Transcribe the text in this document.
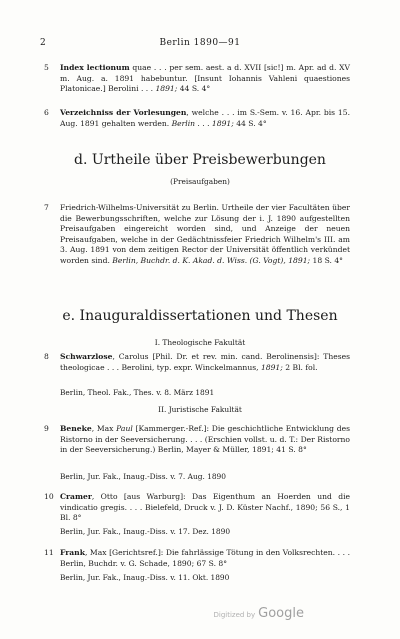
2	Berlin 1890—91
5 Index lectionum quae . . . per sem. aest. a d. XVII [sic!] m. Apr. ad d. XV m. Aug. a. 1891 habebuntur. [Insunt Iohannis Vahleni quaestiones Platonicae.] Berolini . . . 1891; 44 S. 4°

6 Verzeichniss der Vorlesungen, welche . . . im S.-Sem. v. 16. Apr. bis 15. Aug. 1891 gehalten werden. Berlin . . . 1891; 44 S. 4°

d. Urtheile über Preisbewerbungen
(Preisaufgaben)
7 Friedrich-Wilhelms-Universität zu Berlin. Urtheile der vier Facultäten über die Bewerbungsschriften, welche zur Lösung der i. J. 1890 aufgestellten Preisaufgaben eingereicht worden sind, und Anzeige der neuen Preisaufgaben, welche in der Gedächtnissfeier Friedrich Wilhelm's III. am 3. Aug. 1891 von dem zeitigen Rector der Universität öffentlich verkündet worden sind. Berlin, Buchdr. d. K. Akad. d. Wiss. (G. Vogt), 1891; 18 S. 4°

e. Inauguraldissertationen und Thesen
I. Theologische Fakultät
8 Schwarzlose, Carolus [Phil. Dr. et rev. min. cand. Berolinensis]: Theses theologicae . . . Berolini, typ. expr. Winckelmannus, 1891; 2 Bl. fol.

Berlin, Theol. Fak., Thes. v. 8. März 1891
II. Juristische Fakultät
9 Beneke, Max Paul [Kammerger.-Ref.]: Die geschichtliche Entwicklung des Ristorno in der Seeversicherung. . . . (Erschien vollst. u. d. T.: Der Ristorno in der Seeversicherung.) Berlin, Mayer & Müller, 1891; 41 S. 8°

Berlin, Jur. Fak., Inaug.-Diss. v. 7. Aug. 1890
10 Cramer, Otto [aus Warburg]: Das Eigenthum an Hoerden und die vindicatio gregis. . . . Bielefeld, Druck v. J. D. Küster Nachf., 1890; 56 S., 1 Bl. 8°

Berlin, Jur. Fak., Inaug.-Diss. v. 17. Dez. 1890
11 Frank, Max [Gerichtsref.]: Die fahrlässige Tötung in den Volksrechten. . . . Berlin, Buchdr. v. G. Schade, 1890; 67 S. 8°

Berlin, Jur. Fak., Inaug.-Diss. v. 11. Okt. 1890
Digitized by Google
